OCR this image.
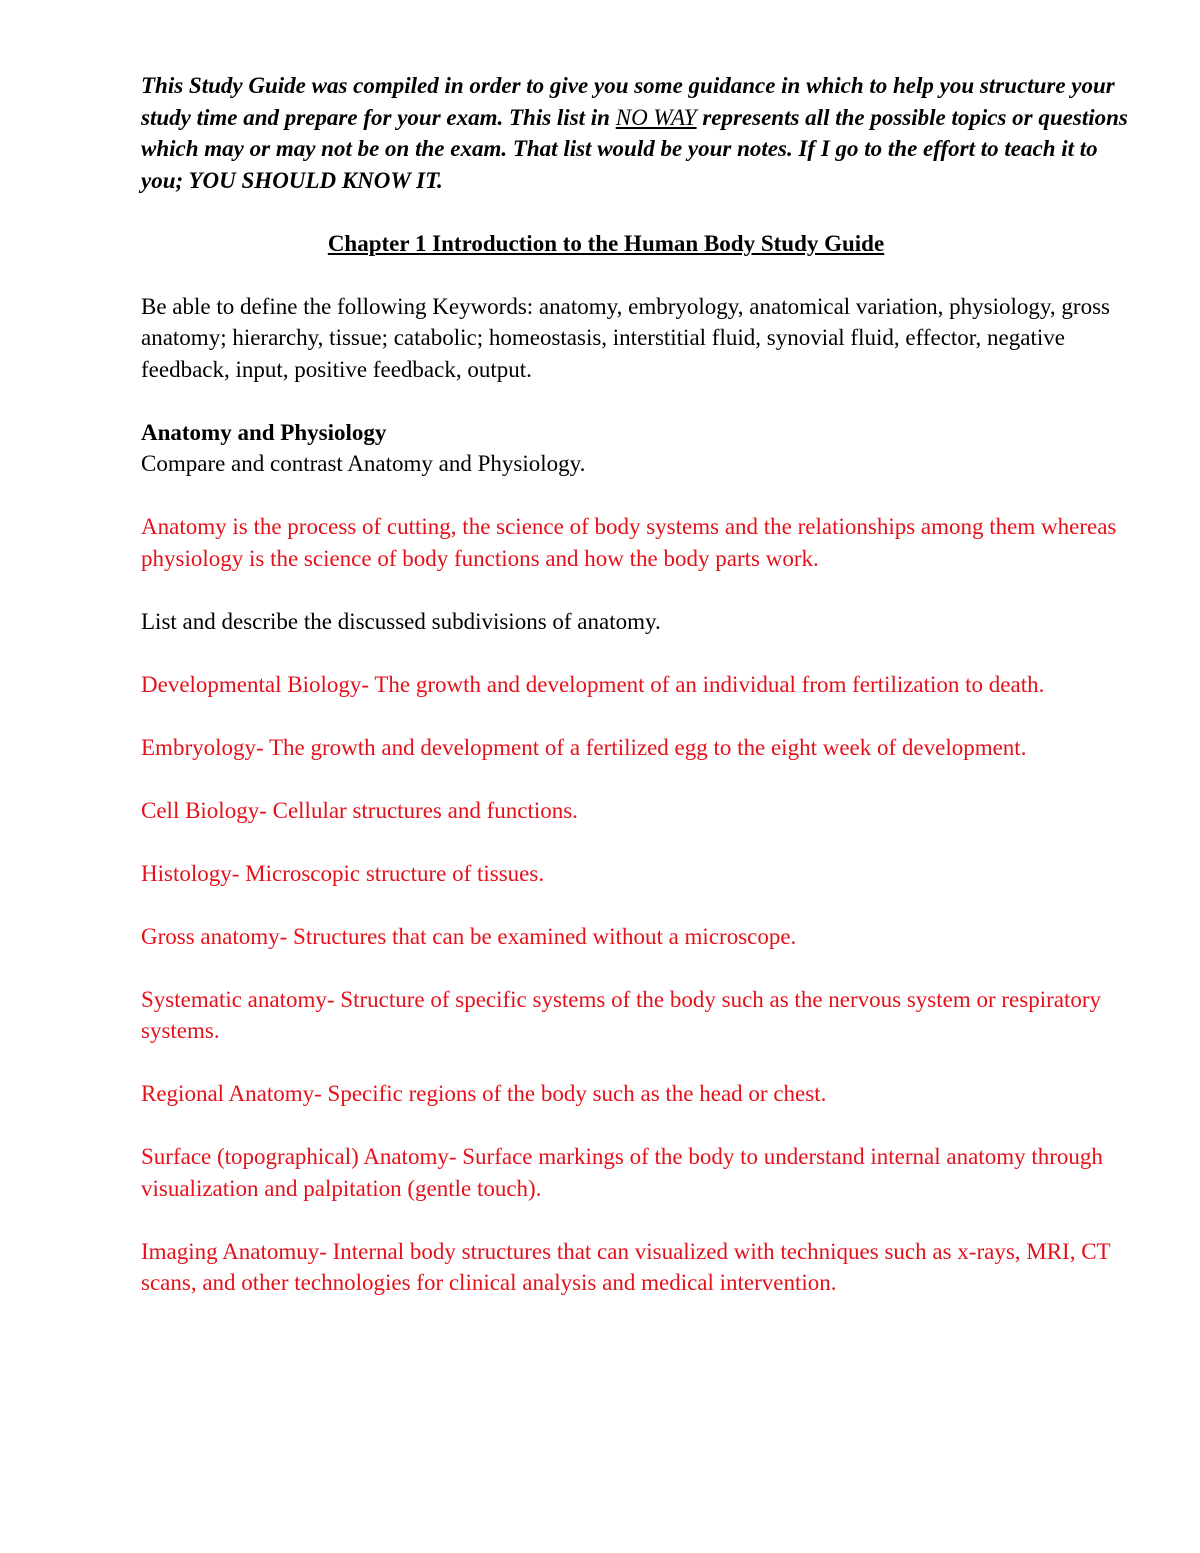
This Study Guide was compiled in order to give you some guidance in which to help you structure your study time and prepare for your exam. This list in NO WAY represents all the possible topics or questions which may or may not be on the exam. That list would be your notes. If I go to the effort to teach it to you; YOU SHOULD KNOW IT.

Chapter 1 Introduction to the Human Body Study Guide

Be able to define the following Keywords: anatomy, embryology, anatomical variation, physiology, gross anatomy; hierarchy, tissue; catabolic; homeostasis, interstitial fluid, synovial fluid, effector, negative feedback, input, positive feedback, output.

Anatomy and Physiology

Compare and contrast Anatomy and Physiology.

Anatomy is the process of cutting, the science of body systems and the relationships among them whereas physiology is the science of body functions and how the body parts work.

List and describe the discussed subdivisions of anatomy.

Developmental Biology- The growth and development of an individual from fertilization to death.

Embryology- The growth and development of a fertilized egg to the eight week of development.

Cell Biology- Cellular structures and functions.

Histology- Microscopic structure of tissues.

Gross anatomy- Structures that can be examined without a microscope.

Systematic anatomy- Structure of specific systems of the body such as the nervous system or respiratory systems.

Regional Anatomy- Specific regions of the body such as the head or chest.

Surface (topographical) Anatomy- Surface markings of the body to understand internal anatomy through visualization and palpitation (gentle touch).

Imaging Anatomuy- Internal body structures that can visualized with techniques such as x-rays, MRI, CT scans, and other technologies for clinical analysis and medical intervention.
